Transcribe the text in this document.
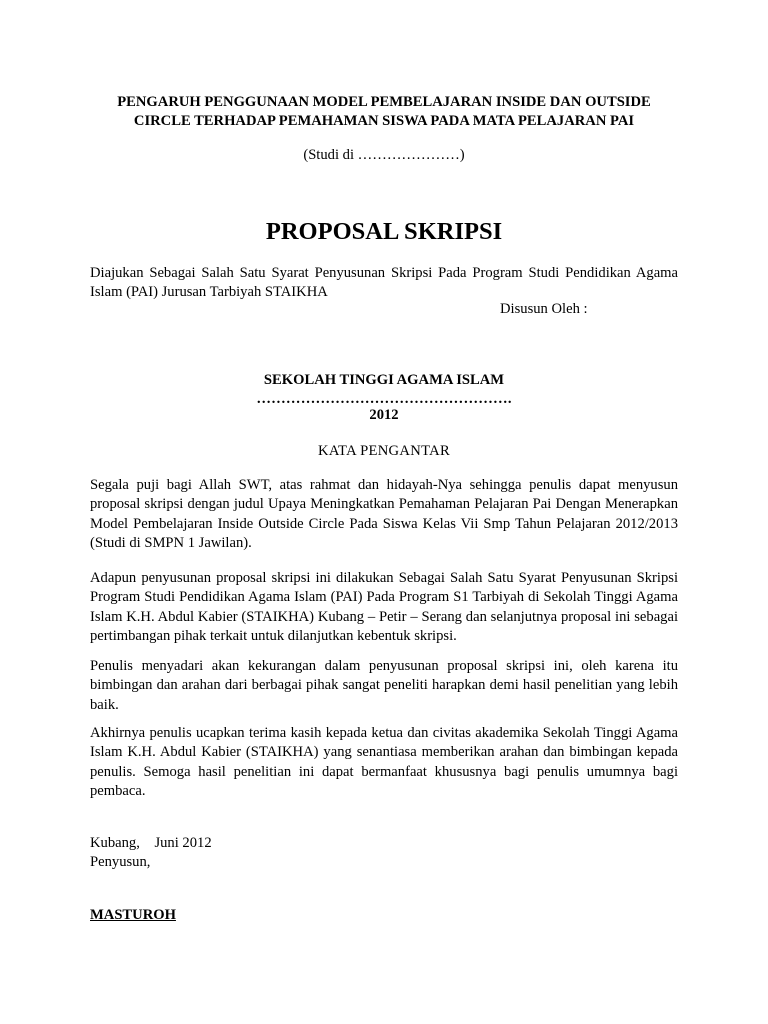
PENGARUH PENGGUNAAN MODEL PEMBELAJARAN INSIDE DAN OUTSIDE
CIRCLE TERHADAP PEMAHAMAN SISWA PADA MATA PELAJARAN PAI
(Studi di …………………)
PROPOSAL SKRIPSI
Diajukan Sebagai Salah Satu Syarat Penyusunan Skripsi Pada Program Studi Pendidikan Agama Islam (PAI) Jurusan Tarbiyah STAIKHA
Disusun Oleh :
SEKOLAH TINGGI AGAMA ISLAM
…………………………………………….
2012
KATA PENGANTAR
Segala puji bagi Allah SWT, atas rahmat dan hidayah-Nya sehingga penulis dapat menyusun proposal skripsi dengan judul Upaya Meningkatkan Pemahaman Pelajaran Pai Dengan Menerapkan Model Pembelajaran Inside Outside Circle Pada Siswa Kelas Vii Smp Tahun Pelajaran 2012/2013 (Studi di SMPN 1 Jawilan).
Adapun penyusunan proposal skripsi ini dilakukan Sebagai Salah Satu Syarat Penyusunan Skripsi Program Studi Pendidikan Agama Islam (PAI) Pada Program S1 Tarbiyah di Sekolah Tinggi Agama Islam K.H. Abdul Kabier (STAIKHA) Kubang – Petir – Serang dan selanjutnya proposal ini sebagai pertimbangan pihak terkait untuk dilanjutkan kebentuk skripsi.
Penulis menyadari akan kekurangan dalam penyusunan proposal skripsi ini, oleh karena itu bimbingan dan arahan dari berbagai pihak sangat peneliti harapkan demi hasil penelitian yang lebih baik.
Akhirnya penulis ucapkan terima kasih kepada ketua dan civitas akademika Sekolah Tinggi Agama Islam K.H. Abdul Kabier (STAIKHA) yang senantiasa memberikan arahan dan bimbingan kepada penulis. Semoga hasil penelitian ini dapat bermanfaat khususnya bagi penulis umumnya bagi pembaca.
Kubang,    Juni 2012
Penyusun,
MASTUROH
